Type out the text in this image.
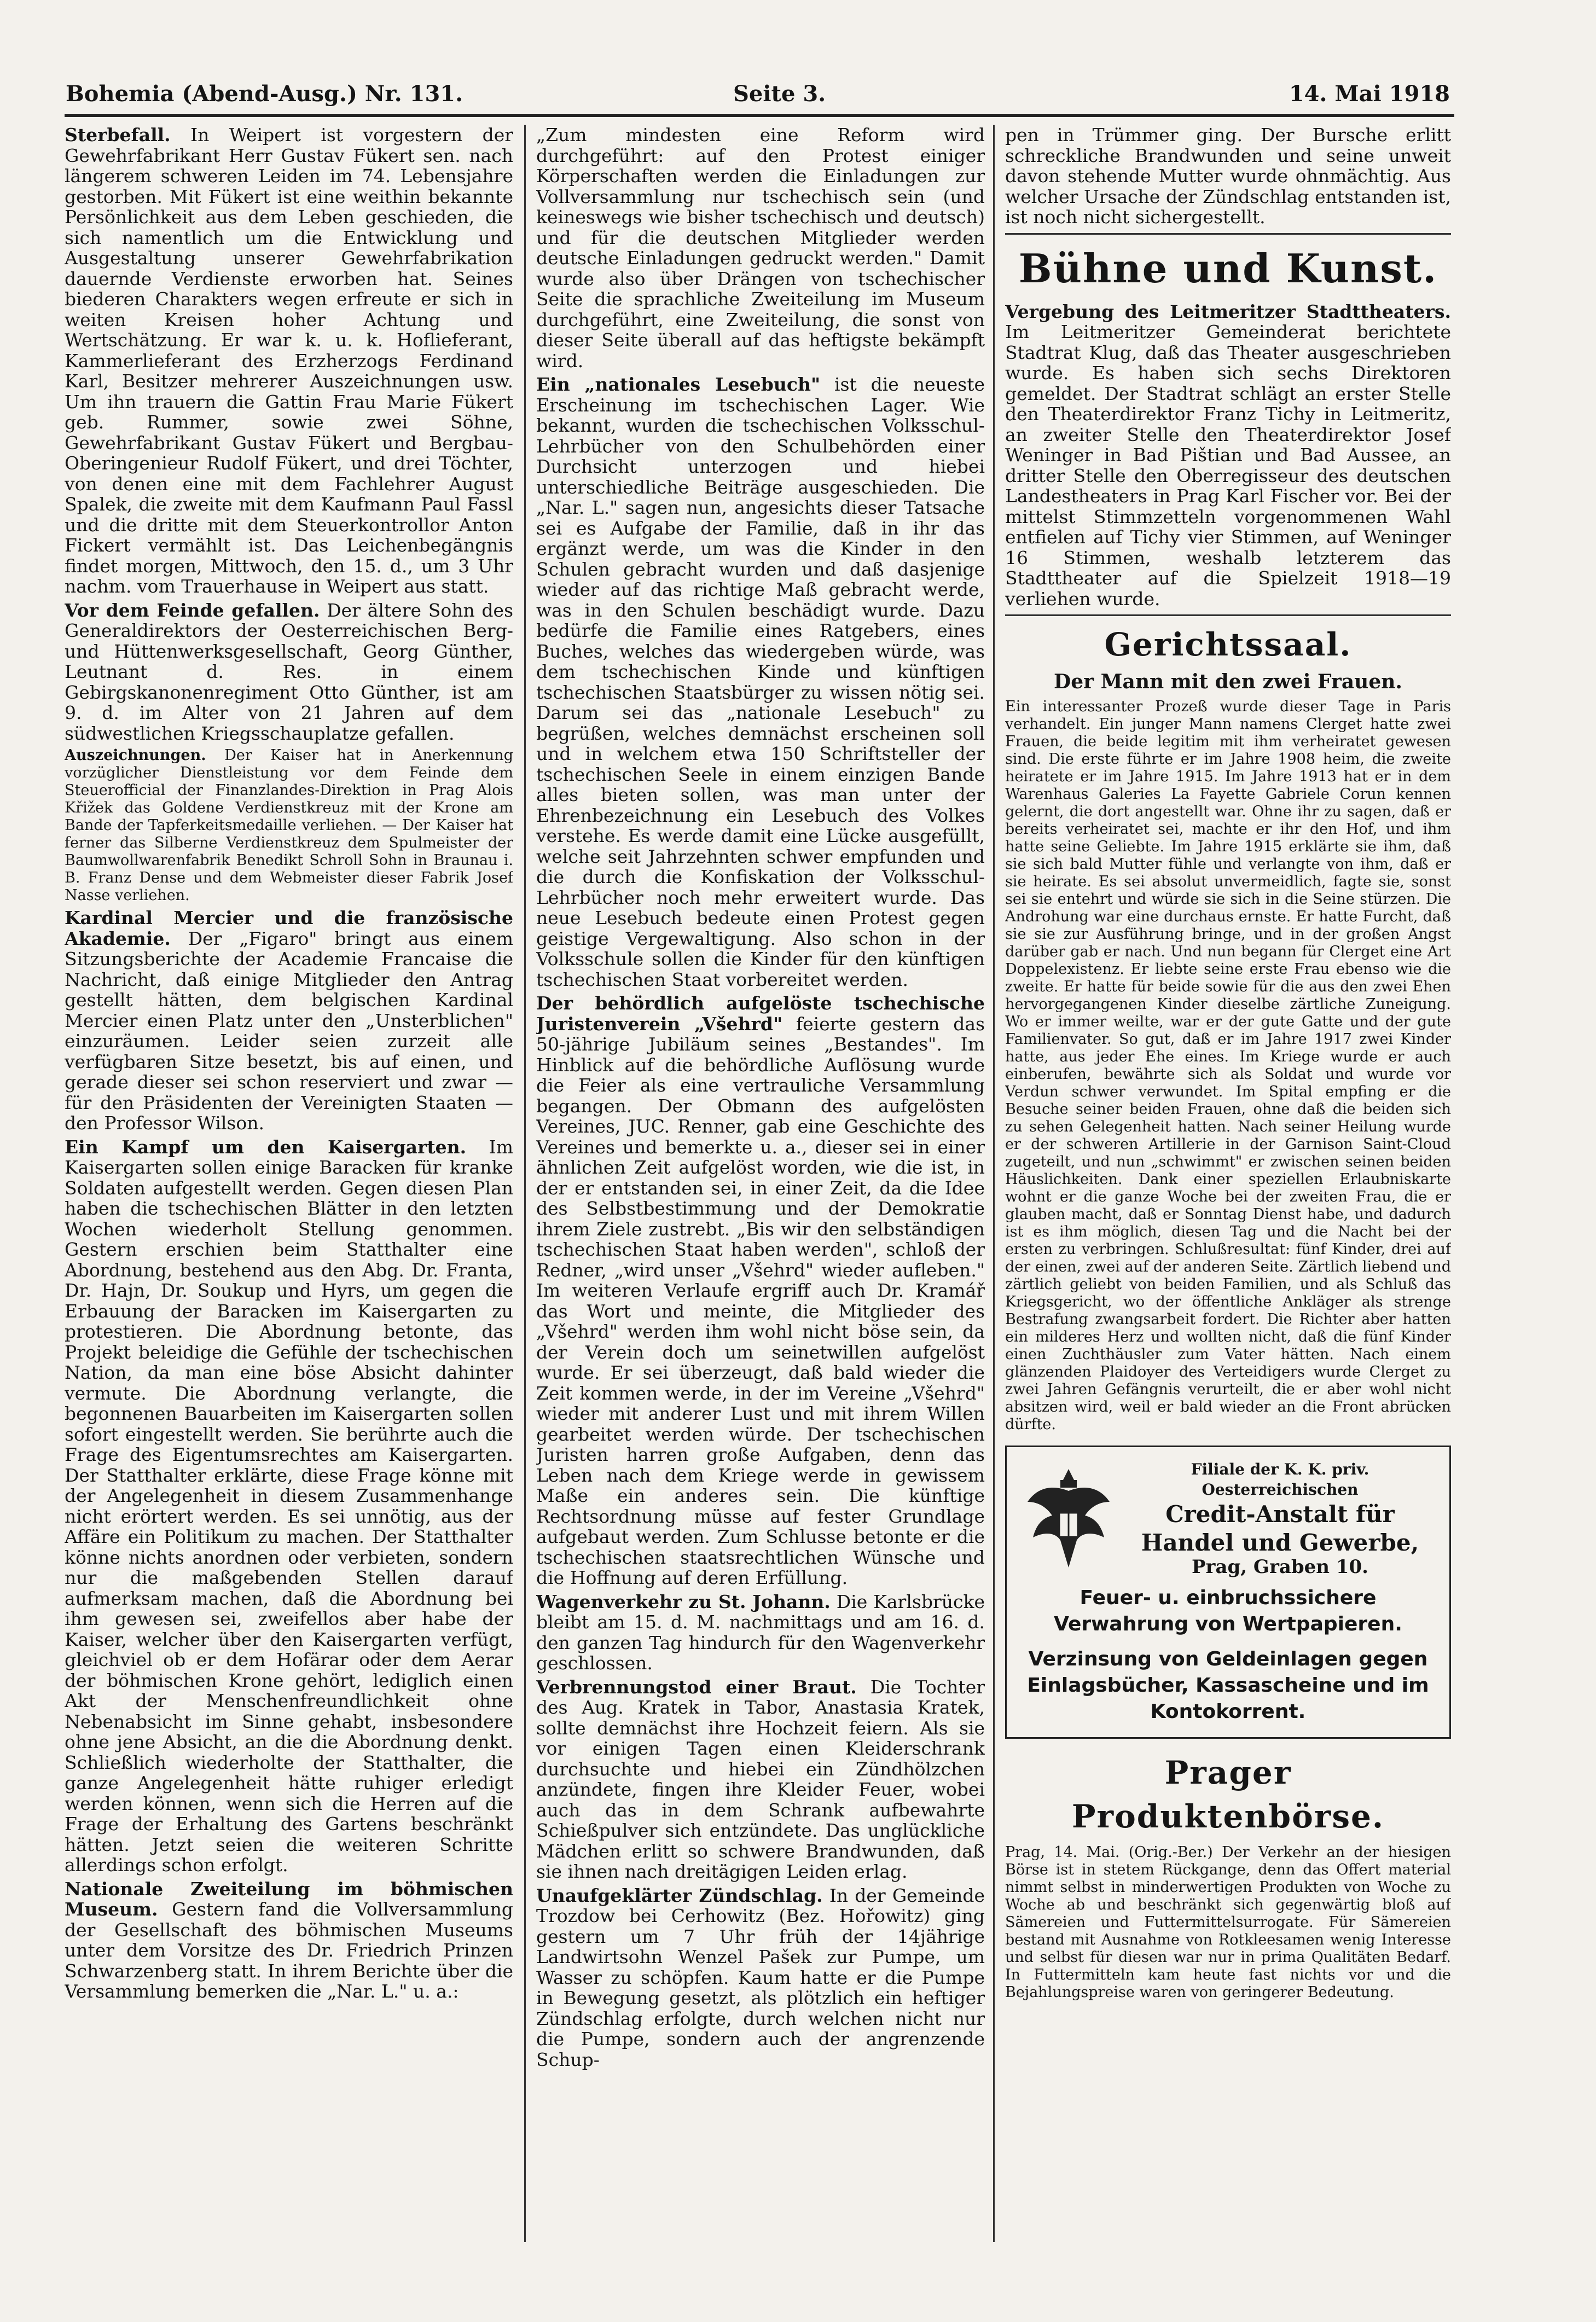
Bohemia (Abend-Ausg.) Nr. 131.	Seite 3.	14. Mai 1918

Sterbefall. In Weipert ist vorgestern der Gewehrfabrikant Herr Gustav Fükert sen. nach längerem schweren Leiden im 74. Lebensjahre gestorben. Mit Fükert ist eine weithin bekannte Persönlichkeit aus dem Leben geschieden, die sich namentlich um die Entwicklung und Ausgestaltung unserer Gewehrfabrikation dauernde Verdienste erworben hat. Seines biederen Charakters wegen erfreute er sich in weiten Kreisen hoher Achtung und Wertschätzung. Er war k. u. k. Hoflieferant, Kammerlieferant des Erzherzogs Ferdinand Karl, Besitzer mehrerer Auszeichnungen usw. Um ihn trauern die Gattin Frau Marie Fükert geb. Rummer, sowie zwei Söhne, Gewehrfabrikant Gustav Fükert und Bergbau-Oberingenieur Rudolf Fükert, und drei Töchter, von denen eine mit dem Fachlehrer August Spalek, die zweite mit dem Kaufmann Paul Fassl und die dritte mit dem Steuerkontrollor Anton Fickert vermählt ist. Das Leichenbegängnis findet morgen, Mittwoch, den 15. d., um 3 Uhr nachm. vom Trauerhause in Weipert aus statt.

Vor dem Feinde gefallen. Der ältere Sohn des Generaldirektors der Oesterreichischen Berg- und Hüttenwerksgesellschaft, Georg Günther, Leutnant d. Res. in einem Gebirgskanonenregiment Otto Günther, ist am 9. d. im Alter von 21 Jahren auf dem südwestlichen Kriegsschauplatze gefallen.

Auszeichnungen. Der Kaiser hat in Anerkennung vorzüglicher Dienstleistung vor dem Feinde dem Steuerofficial der Finanzlandes-Direktion in Prag Alois Křižek das Goldene Verdienstkreuz mit der Krone am Bande der Tapferkeitsmedaille verliehen. — Der Kaiser hat ferner das Silberne Verdienstkreuz dem Spulmeister der Baumwollwarenfabrik Benedikt Schroll Sohn in Braunau i. B. Franz Dense und dem Webmeister dieser Fabrik Josef Nasse verliehen.

Kardinal Mercier und die französische Akademie. Der „Figaro" bringt aus einem Sitzungsberichte der Academie Francaise die Nachricht, daß einige Mitglieder den Antrag gestellt hätten, dem belgischen Kardinal Mercier einen Platz unter den „Unsterblichen" einzuräumen. Leider seien zurzeit alle verfügbaren Sitze besetzt, bis auf einen, und gerade dieser sei schon reserviert und zwar — für den Präsidenten der Vereinigten Staaten — den Professor Wilson.

Ein Kampf um den Kaisergarten. Im Kaisergarten sollen einige Baracken für kranke Soldaten aufgestellt werden. Gegen diesen Plan haben die tschechischen Blätter in den letzten Wochen wiederholt Stellung genommen. Gestern erschien beim Statthalter eine Abordnung, bestehend aus den Abg. Dr. Franta, Dr. Hajn, Dr. Soukup und Hyrs, um gegen die Erbauung der Baracken im Kaisergarten zu protestieren. Die Abordnung betonte, das Projekt beleidige die Gefühle der tschechischen Nation, da man eine böse Absicht dahinter vermute. Die Abordnung verlangte, die begonnenen Bauarbeiten im Kaisergarten sollen sofort eingestellt werden. Sie berührte auch die Frage des Eigentumsrechtes am Kaisergarten. Der Statthalter erklärte, diese Frage könne mit der Angelegenheit in diesem Zusammenhange nicht erörtert werden. Es sei unnötig, aus der Affäre ein Politikum zu machen. Der Statthalter könne nichts anordnen oder verbieten, sondern nur die maßgebenden Stellen darauf aufmerksam machen, daß die Abordnung bei ihm gewesen sei, zweifellos aber habe der Kaiser, welcher über den Kaisergarten verfügt, gleichviel ob er dem Hofärar oder dem Aerar der böhmischen Krone gehört, lediglich einen Akt der Menschenfreundlichkeit ohne Nebenabsicht im Sinne gehabt, insbesondere ohne jene Absicht, an die die Abordnung denkt. Schließlich wiederholte der Statthalter, die ganze Angelegenheit hätte ruhiger erledigt werden können, wenn sich die Herren auf die Frage der Erhaltung des Gartens beschränkt hätten. Jetzt seien die weiteren Schritte allerdings schon erfolgt.

Nationale Zweiteilung im böhmischen Museum. Gestern fand die Vollversammlung der Gesellschaft des böhmischen Museums unter dem Vorsitze des Dr. Friedrich Prinzen Schwarzenberg statt. In ihrem Berichte über die Versammlung bemerken die „Nar. L." u. a.:

„Zum mindesten eine Reform wird durchgeführt: auf den Protest einiger Körperschaften werden die Einladungen zur Vollversammlung nur tschechisch sein (und keineswegs wie bisher tschechisch und deutsch) und für die deutschen Mitglieder werden deutsche Einladungen gedruckt werden." Damit wurde also über Drängen von tschechischer Seite die sprachliche Zweiteilung im Museum durchgeführt, eine Zweiteilung, die sonst von dieser Seite überall auf das heftigste bekämpft wird.

Ein „nationales Lesebuch" ist die neueste Erscheinung im tschechischen Lager. Wie bekannt, wurden die tschechischen Volksschul-Lehrbücher von den Schulbehörden einer Durchsicht unterzogen und hiebei unterschiedliche Beiträge ausgeschieden. Die „Nar. L." sagen nun, angesichts dieser Tatsache sei es Aufgabe der Familie, daß in ihr das ergänzt werde, um was die Kinder in den Schulen gebracht wurden und daß dasjenige wieder auf das richtige Maß gebracht werde, was in den Schulen beschädigt wurde. Dazu bedürfe die Familie eines Ratgebers, eines Buches, welches das wiedergeben würde, was dem tschechischen Kinde und künftigen tschechischen Staatsbürger zu wissen nötig sei. Darum sei das „nationale Lesebuch" zu begrüßen, welches demnächst erscheinen soll und in welchem etwa 150 Schriftsteller der tschechischen Seele in einem einzigen Bande alles bieten sollen, was man unter der Ehrenbezeichnung ein Lesebuch des Volkes verstehe. Es werde damit eine Lücke ausgefüllt, welche seit Jahrzehnten schwer empfunden und die durch die Konfiskation der Volksschul-Lehrbücher noch mehr erweitert wurde. Das neue Lesebuch bedeute einen Protest gegen geistige Vergewaltigung. Also schon in der Volksschule sollen die Kinder für den künftigen tschechischen Staat vorbereitet werden.

Der behördlich aufgelöste tschechische Juristenverein „Všehrd" feierte gestern das 50-jährige Jubiläum seines „Bestandes". Im Hinblick auf die behördliche Auflösung wurde die Feier als eine vertrauliche Versammlung begangen. Der Obmann des aufgelösten Vereines, JUC. Renner, gab eine Geschichte des Vereines und bemerkte u. a., dieser sei in einer ähnlichen Zeit aufgelöst worden, wie die ist, in der er entstanden sei, in einer Zeit, da die Idee des Selbstbestimmung und der Demokratie ihrem Ziele zustrebt. „Bis wir den selbständigen tschechischen Staat haben werden", schloß der Redner, „wird unser „Všehrd" wieder aufleben." Im weiteren Verlaufe ergriff auch Dr. Kramář das Wort und meinte, die Mitglieder des „Všehrd" werden ihm wohl nicht böse sein, da der Verein doch um seinetwillen aufgelöst wurde. Er sei überzeugt, daß bald wieder die Zeit kommen werde, in der im Vereine „Všehrd" wieder mit anderer Lust und mit ihrem Willen gearbeitet werden würde. Der tschechischen Juristen harren große Aufgaben, denn das Leben nach dem Kriege werde in gewissem Maße ein anderes sein. Die künftige Rechtsordnung müsse auf fester Grundlage aufgebaut werden. Zum Schlusse betonte er die tschechischen staatsrechtlichen Wünsche und die Hoffnung auf deren Erfüllung.

Wagenverkehr zu St. Johann. Die Karlsbrücke bleibt am 15. d. M. nachmittags und am 16. d. den ganzen Tag hindurch für den Wagenverkehr geschlossen.

Verbrennungstod einer Braut. Die Tochter des Aug. Kratek in Tabor, Anastasia Kratek, sollte demnächst ihre Hochzeit feiern. Als sie vor einigen Tagen einen Kleiderschrank durchsuchte und hiebei ein Zündhölzchen anzündete, fingen ihre Kleider Feuer, wobei auch das in dem Schrank aufbewahrte Schießpulver sich entzündete. Das unglückliche Mädchen erlitt so schwere Brandwunden, daß sie ihnen nach dreitägigen Leiden erlag.

Unaufgeklärter Zündschlag. In der Gemeinde Trozdow bei Cerhowitz (Bez. Hořowitz) ging gestern um 7 Uhr früh der 14jährige Landwirtsohn Wenzel Pašek zur Pumpe, um Wasser zu schöpfen. Kaum hatte er die Pumpe in Bewegung gesetzt, als plötzlich ein heftiger Zündschlag erfolgte, durch welchen nicht nur die Pumpe, sondern auch der angrenzende Schup-

pen in Trümmer ging. Der Bursche erlitt schreckliche Brandwunden und seine unweit davon stehende Mutter wurde ohnmächtig. Aus welcher Ursache der Zündschlag entstanden ist, ist noch nicht sichergestellt.

Bühne und Kunst.

Vergebung des Leitmeritzer Stadttheaters. Im Leitmeritzer Gemeinderat berichtete Stadtrat Klug, daß das Theater ausgeschrieben wurde. Es haben sich sechs Direktoren gemeldet. Der Stadtrat schlägt an erster Stelle den Theaterdirektor Franz Tichy in Leitmeritz, an zweiter Stelle den Theaterdirektor Josef Weninger in Bad Pištian und Bad Aussee, an dritter Stelle den Oberregisseur des deutschen Landestheaters in Prag Karl Fischer vor. Bei der mittelst Stimmzetteln vorgenommenen Wahl entfielen auf Tichy vier Stimmen, auf Weninger 16 Stimmen, weshalb letzterem das Stadttheater auf die Spielzeit 1918—19 verliehen wurde.

Gerichtssaal.
Der Mann mit den zwei Frauen.

Ein interessanter Prozeß wurde dieser Tage in Paris verhandelt. Ein junger Mann namens Clerget hatte zwei Frauen, die beide legitim mit ihm verheiratet gewesen sind. Die erste führte er im Jahre 1908 heim, die zweite heiratete er im Jahre 1915. Im Jahre 1913 hat er in dem Warenhaus Galeries La Fayette Gabriele Corun kennen gelernt, die dort angestellt war. Ohne ihr zu sagen, daß er bereits verheiratet sei, machte er ihr den Hof, und ihm hatte seine Geliebte. Im Jahre 1915 erklärte sie ihm, daß sie sich bald Mutter fühle und verlangte von ihm, daß er sie heirate. Es sei absolut unvermeidlich, fagte sie, sonst sei sie entehrt und würde sie sich in die Seine stürzen. Die Androhung war eine durchaus ernste. Er hatte Furcht, daß sie sie zur Ausführung bringe, und in der großen Angst darüber gab er nach. Und nun begann für Clerget eine Art Doppelexistenz. Er liebte seine erste Frau ebenso wie die zweite. Er hatte für beide sowie für die aus den zwei Ehen hervorgegangenen Kinder dieselbe zärtliche Zuneigung. Wo er immer weilte, war er der gute Gatte und der gute Familienvater. So gut, daß er im Jahre 1917 zwei Kinder hatte, aus jeder Ehe eines. Im Kriege wurde er auch einberufen, bewährte sich als Soldat und wurde vor Verdun schwer verwundet. Im Spital empfing er die Besuche seiner beiden Frauen, ohne daß die beiden sich zu sehen Gelegenheit hatten. Nach seiner Heilung wurde er der schweren Artillerie in der Garnison Saint-Cloud zugeteilt, und nun „schwimmt" er zwischen seinen beiden Häuslichkeiten. Dank einer speziellen Erlaubniskarte wohnt er die ganze Woche bei der zweiten Frau, die er glauben macht, daß er Sonntag Dienst habe, und dadurch ist es ihm möglich, diesen Tag und die Nacht bei der ersten zu verbringen. Schlußresultat: fünf Kinder, drei auf der einen, zwei auf der anderen Seite. Zärtlich liebend und zärtlich geliebt von beiden Familien, und als Schluß das Kriegsgericht, wo der öffentliche Ankläger als strenge Bestrafung zwangsarbeit fordert. Die Richter aber hatten ein milderes Herz und wollten nicht, daß die fünf Kinder einen Zuchthäusler zum Vater hätten. Nach einem glänzenden Plaidoyer des Verteidigers wurde Clerget zu zwei Jahren Gefängnis verurteilt, die er aber wohl nicht absitzen wird, weil er bald wieder an die Front abrücken dürfte.

Filiale der K. K. priv. Oesterreichischen
Credit-Anstalt für Handel und Gewerbe,
Prag, Graben 10.
Feuer- u. einbruchssichere Verwahrung von Wertpapieren.
Verzinsung von Geldeinlagen gegen Einlagsbücher, Kassascheine und im Kontokorrent.
Prager Produktenbörse.

Prag, 14. Mai. (Orig.-Ber.) Der Verkehr an der hiesigen Börse ist in stetem Rückgange, denn das Offert material nimmt selbst in minderwertigen Produkten von Woche zu Woche ab und beschränkt sich gegenwärtig bloß auf Sämereien und Futtermittelsurrogate. Für Sämereien bestand mit Ausnahme von Rotkleesamen wenig Interesse und selbst für diesen war nur in prima Qualitäten Bedarf. In Futtermitteln kam heute fast nichts vor und die Bejahlungspreise waren von geringerer Bedeutung.
